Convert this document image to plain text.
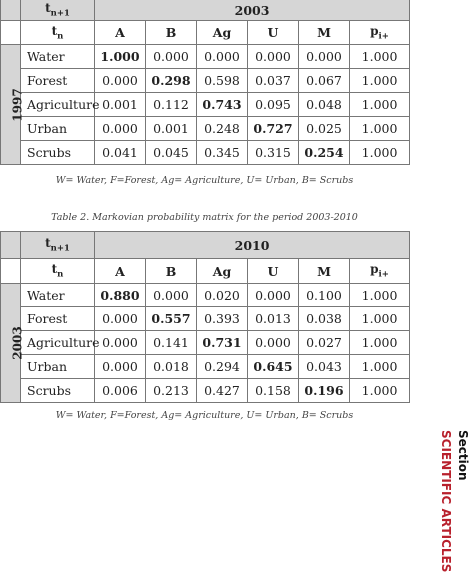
	$t_{n+1}$	2003					
	$t_n$	A	B	Ag	U	M	$p_{i+}$
1997	Water	1.000	0.000	0.000	0.000	0.000	1.000
	Forest	0.000	0.298	0.598	0.037	0.067	1.000
	Agriculture	0.001	0.112	0.743	0.095	0.048	1.000
	Urban	0.000	0.001	0.248	0.727	0.025	1.000
	Scrubs	0.041	0.045	0.345	0.315	0.254	1.000
W= Water, F=Forest, Ag= Agriculture, U= Urban, B= Scrubs
Table 2. Markovian probability matrix for the period 2003-2010
	$t_{n+1}$	2010					
	$t_n$	A	B	Ag	U	M	$p_{i+}$
2003	Water	0.880	0.000	0.020	0.000	0.100	1.000
	Forest	0.000	0.557	0.393	0.013	0.038	1.000
	Agriculture	0.000	0.141	0.731	0.000	0.027	1.000
	Urban	0.000	0.018	0.294	0.645	0.043	1.000
	Scrubs	0.006	0.213	0.427	0.158	0.196	1.000
W= Water, F=Forest, Ag= Agriculture, U= Urban, B= Scrubs
Section
SCIENTIFIC ARTICLES
